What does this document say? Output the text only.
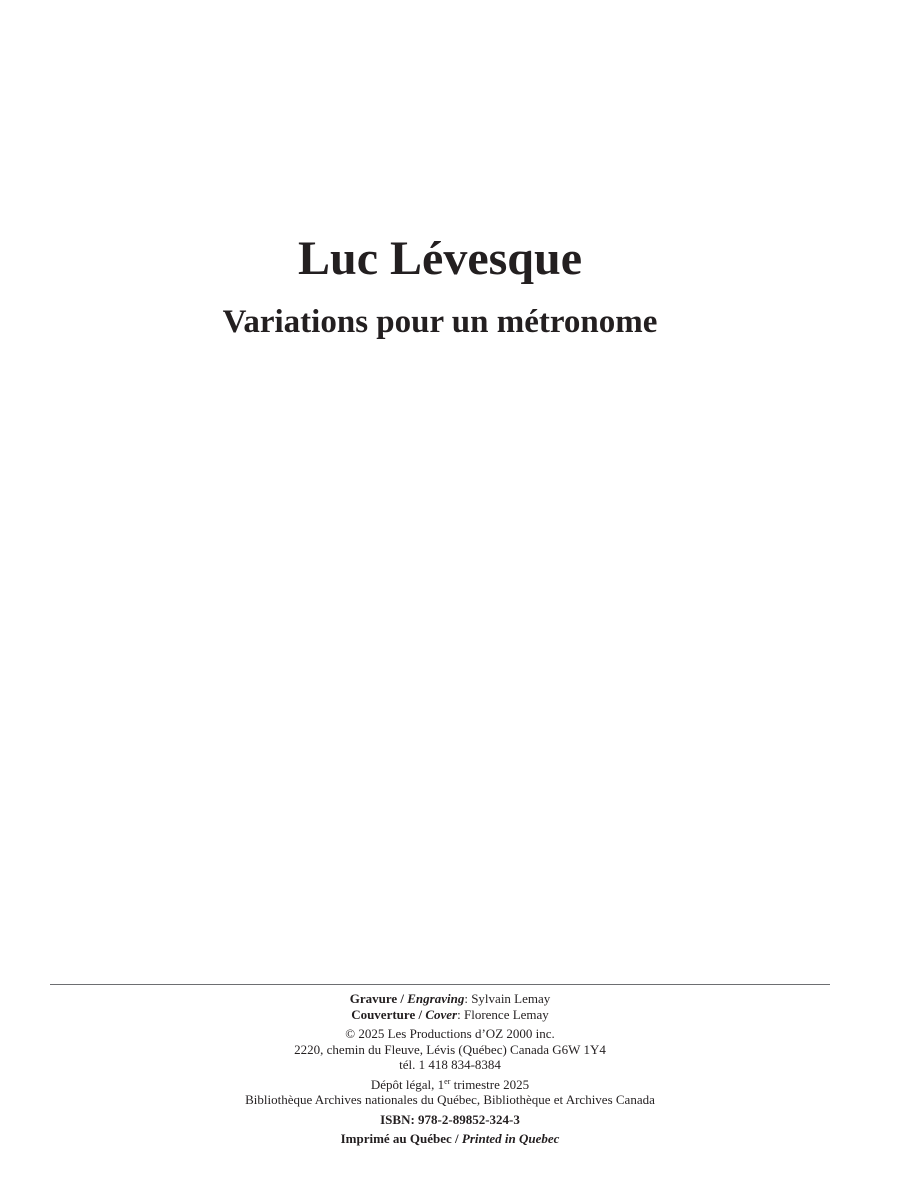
Luc Lévesque
Variations pour un métronome
Gravure / Engraving: Sylvain Lemay
Couverture / Cover: Florence Lemay
© 2025 Les Productions d’OZ 2000 inc.
2220, chemin du Fleuve, Lévis (Québec) Canada G6W 1Y4
tél. 1 418 834-8384
Dépôt légal, 1er trimestre 2025
Bibliothèque Archives nationales du Québec, Bibliothèque et Archives Canada
ISBN: 978-2-89852-324-3
Imprimé au Québec / Printed in Quebec
